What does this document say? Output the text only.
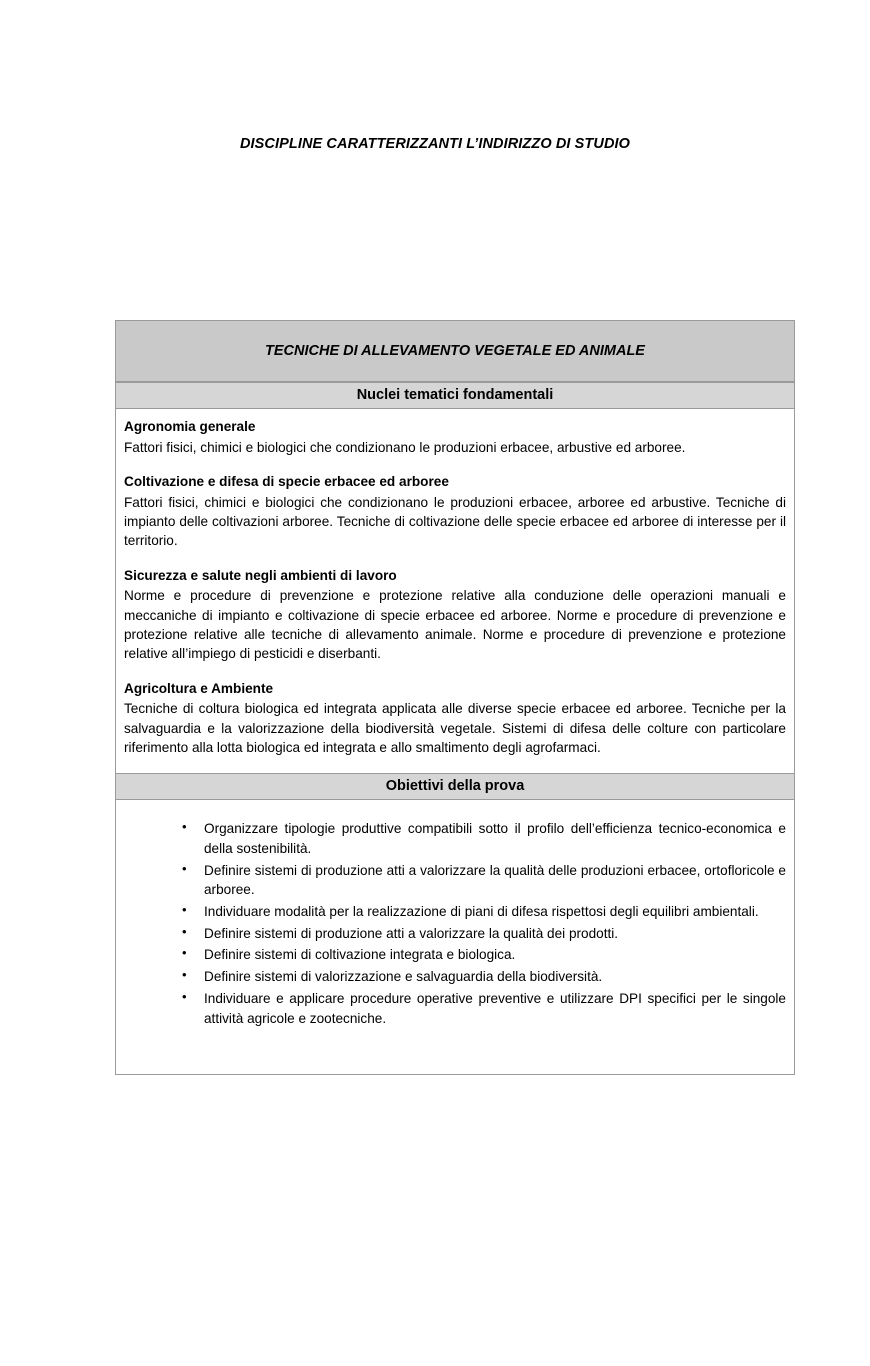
DISCIPLINE CARATTERIZZANTI L’INDIRIZZO DI STUDIO
TECNICHE DI ALLEVAMENTO VEGETALE ED ANIMALE
Nuclei tematici fondamentali
Agronomia generale
Fattori fisici, chimici e biologici che condizionano le produzioni erbacee, arbustive ed arboree.
Coltivazione e difesa di specie erbacee ed arboree
Fattori fisici, chimici e biologici che condizionano le produzioni erbacee, arboree ed arbustive. Tecniche di impianto delle coltivazioni arboree. Tecniche di coltivazione delle specie erbacee ed arboree di interesse per il territorio.
Sicurezza e salute negli ambienti di lavoro
Norme e procedure di prevenzione e protezione relative alla conduzione delle operazioni manuali e meccaniche di impianto e coltivazione di specie erbacee ed arboree. Norme e procedure di prevenzione e protezione relative alle tecniche di allevamento animale. Norme e procedure di prevenzione e protezione relative all’impiego di pesticidi e diserbanti.
Agricoltura e Ambiente
Tecniche di coltura biologica ed integrata applicata alle diverse specie erbacee ed arboree. Tecniche per la salvaguardia e la valorizzazione della biodiversità vegetale. Sistemi di difesa delle colture con particolare riferimento alla lotta biologica ed integrata e allo smaltimento degli agrofarmaci.
Obiettivi della prova
• Organizzare tipologie produttive compatibili sotto il profilo dell’efficienza tecnico-economica e della sostenibilità.
• Definire sistemi di produzione atti a valorizzare la qualità delle produzioni erbacee, ortofloricole e arboree.
• Individuare modalità per la realizzazione di piani di difesa rispettosi degli equilibri ambientali.
• Definire sistemi di produzione atti a valorizzare la qualità dei prodotti.
• Definire sistemi di coltivazione integrata e biologica.
• Definire sistemi di valorizzazione e salvaguardia della biodiversità.
• Individuare e applicare procedure operative preventive e utilizzare DPI specifici per le singole attività agricole e zootecniche.
